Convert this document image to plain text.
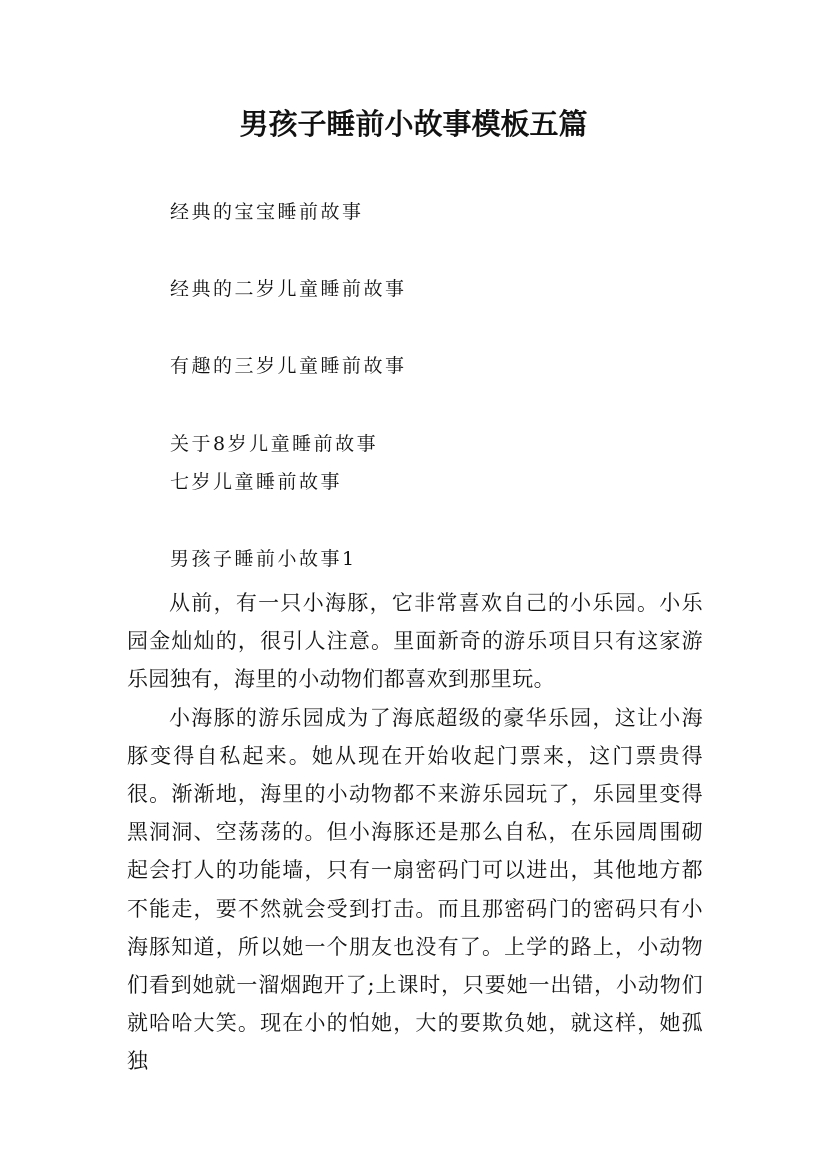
男孩子睡前小故事模板五篇
经典的宝宝睡前故事
经典的二岁儿童睡前故事
有趣的三岁儿童睡前故事
关于8岁儿童睡前故事
七岁儿童睡前故事
男孩子睡前小故事1

从前，有一只小海豚，它非常喜欢自己的小乐园。小乐园金灿灿的，很引人注意。里面新奇的游乐项目只有这家游乐园独有，海里的小动物们都喜欢到那里玩。

小海豚的游乐园成为了海底超级的豪华乐园，这让小海豚变得自私起来。她从现在开始收起门票来，这门票贵得很。渐渐地，海里的小动物都不来游乐园玩了，乐园里变得黑洞洞、空荡荡的。但小海豚还是那么自私，在乐园周围砌起会打人的功能墙，只有一扇密码门可以进出，其他地方都不能走，要不然就会受到打击。而且那密码门的密码只有小海豚知道，所以她一个朋友也没有了。上学的路上，小动物们看到她就一溜烟跑开了;上课时，只要她一出错，小动物们就哈哈大笑。现在小的怕她，大的要欺负她，就这样，她孤独
